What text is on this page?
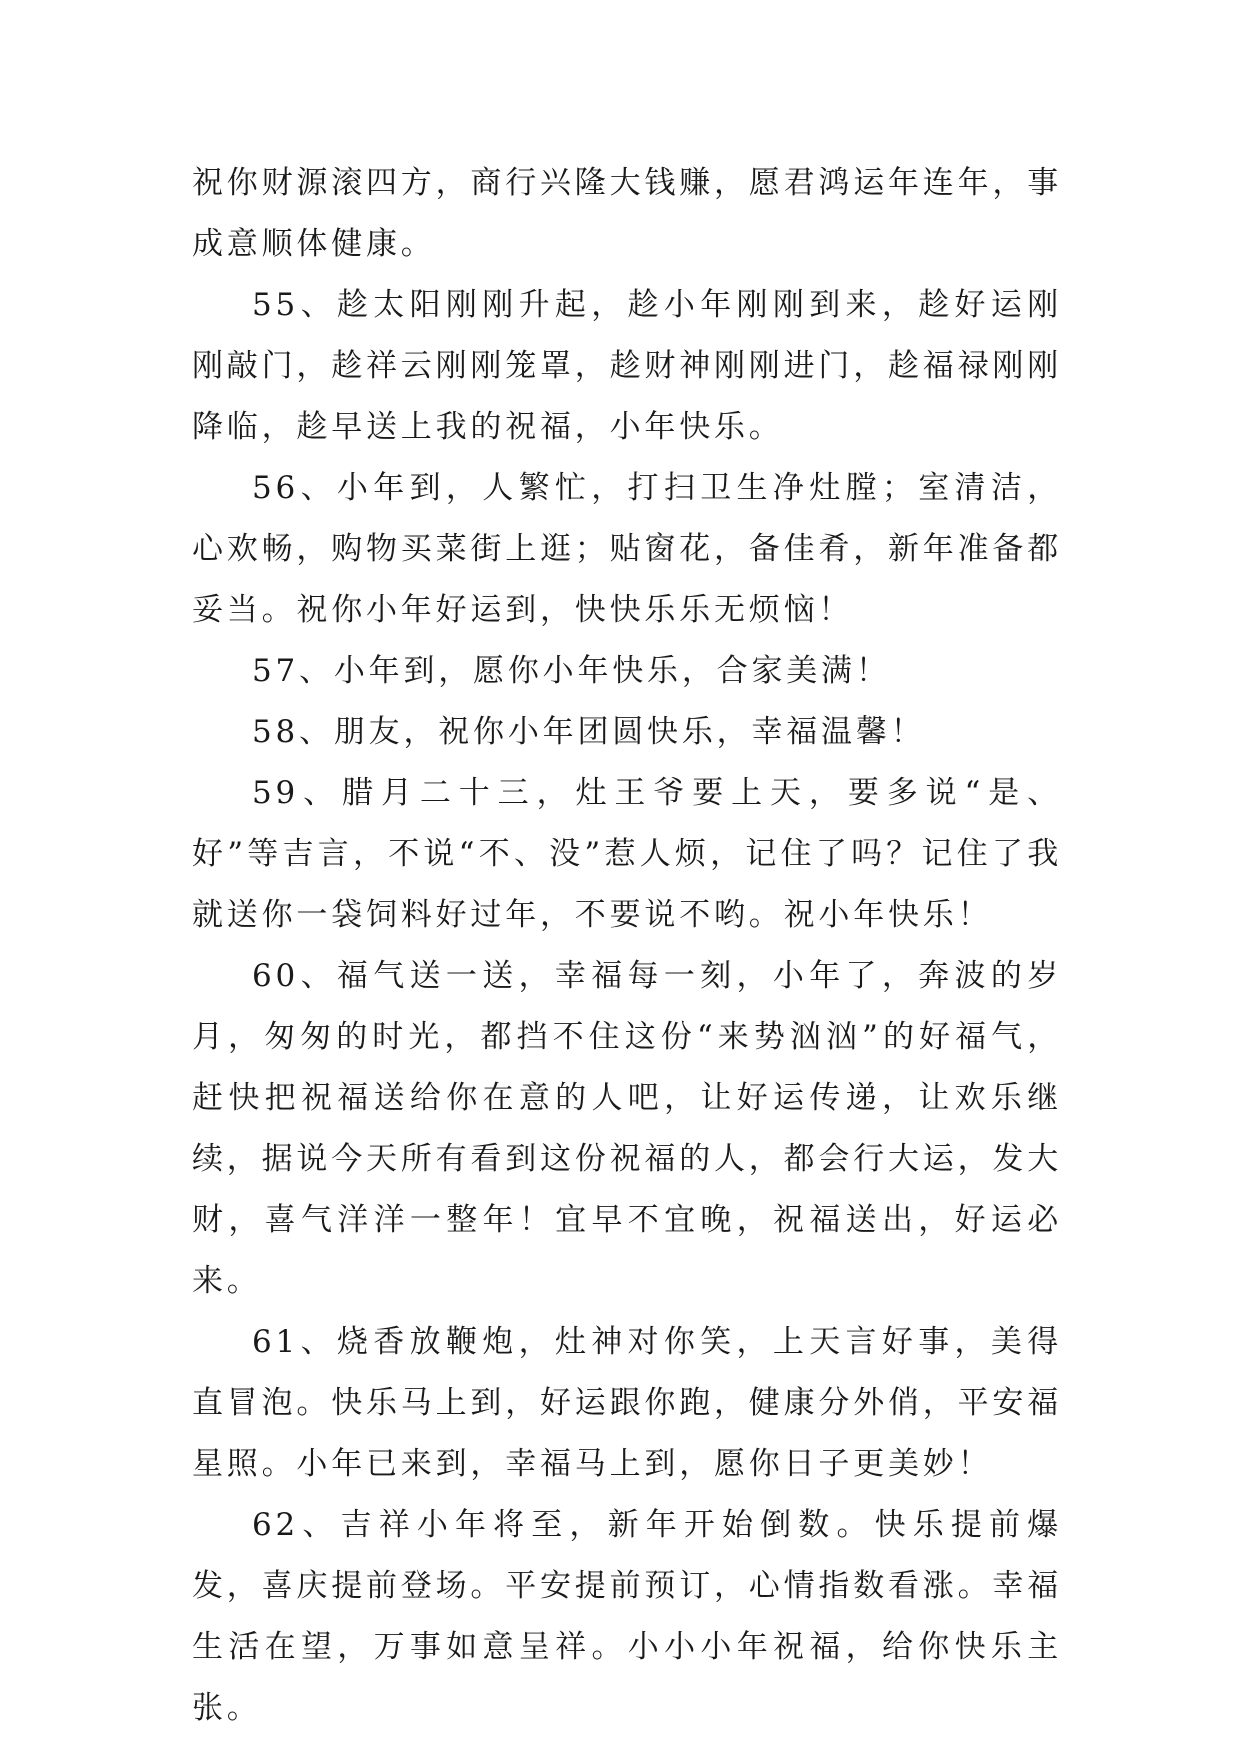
祝你财源滚四方，商行兴隆大钱赚，愿君鸿运年连年，事成意顺体健康。

55、趁太阳刚刚升起，趁小年刚刚到来，趁好运刚刚敲门，趁祥云刚刚笼罩，趁财神刚刚进门，趁福禄刚刚降临，趁早送上我的祝福，小年快乐。

56、小年到，人繁忙，打扫卫生净灶膛；室清洁，心欢畅，购物买菜街上逛；贴窗花，备佳肴，新年准备都妥当。祝你小年好运到，快快乐乐无烦恼！

57、小年到，愿你小年快乐，合家美满！

58、朋友，祝你小年团圆快乐，幸福温馨！

59、腊月二十三，灶王爷要上天，要多说“是、好”等吉言，不说“不、没”惹人烦，记住了吗？记住了我就送你一袋饲料好过年，不要说不哟。祝小年快乐！

60、福气送一送，幸福每一刻，小年了，奔波的岁月，匆匆的时光，都挡不住这份“来势汹汹”的好福气，赶快把祝福送给你在意的人吧，让好运传递，让欢乐继续，据说今天所有看到这份祝福的人，都会行大运，发大财，喜气洋洋一整年！宜早不宜晚，祝福送出，好运必来。

61、烧香放鞭炮，灶神对你笑，上天言好事，美得直冒泡。快乐马上到，好运跟你跑，健康分外俏，平安福星照。小年已来到，幸福马上到，愿你日子更美妙！

62、吉祥小年将至，新年开始倒数。快乐提前爆发，喜庆提前登场。平安提前预订，心情指数看涨。幸福生活在望，万事如意呈祥。小小小年祝福，给你快乐主张。
